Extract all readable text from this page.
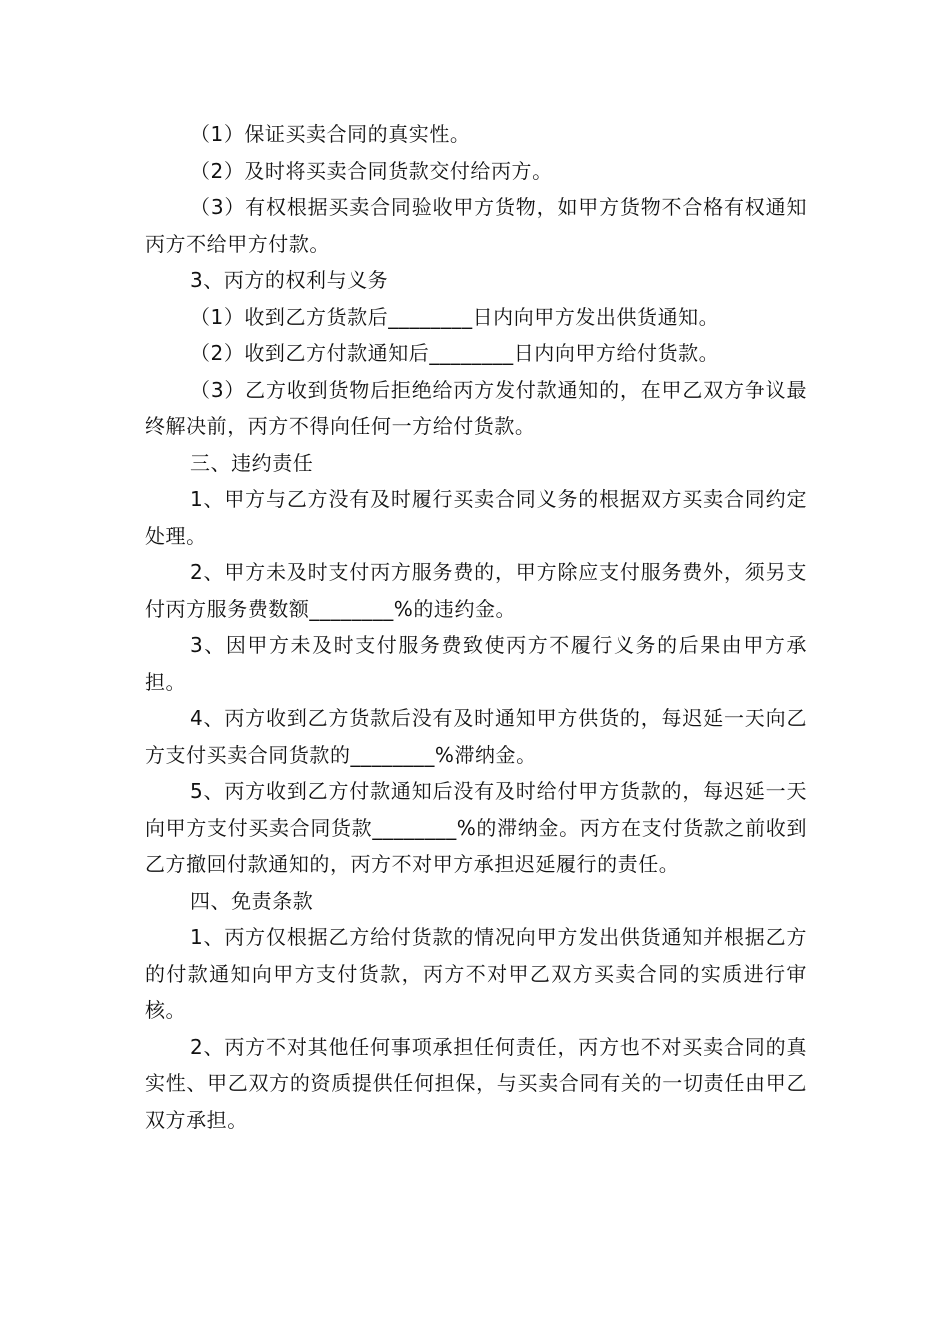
（1）保证买卖合同的真实性。

（2）及时将买卖合同货款交付给丙方。

（3）有权根据买卖合同验收甲方货物，如甲方货物不合格有权通知丙方不给甲方付款。

3、丙方的权利与义务

（1）收到乙方货款后________日内向甲方发出供货通知。

（2）收到乙方付款通知后________日内向甲方给付货款。

（3）乙方收到货物后拒绝给丙方发付款通知的，在甲乙双方争议最终解决前，丙方不得向任何一方给付货款。

三、违约责任

1、甲方与乙方没有及时履行买卖合同义务的根据双方买卖合同约定处理。

2、甲方未及时支付丙方服务费的，甲方除应支付服务费外，须另支付丙方服务费数额________%的违约金。

3、因甲方未及时支付服务费致使丙方不履行义务的后果由甲方承担。

4、丙方收到乙方货款后没有及时通知甲方供货的，每迟延一天向乙方支付买卖合同货款的________%滞纳金。

5、丙方收到乙方付款通知后没有及时给付甲方货款的，每迟延一天向甲方支付买卖合同货款________%的滞纳金。丙方在支付货款之前收到乙方撤回付款通知的，丙方不对甲方承担迟延履行的责任。

四、免责条款

1、丙方仅根据乙方给付货款的情况向甲方发出供货通知并根据乙方的付款通知向甲方支付货款，丙方不对甲乙双方买卖合同的实质进行审核。

2、丙方不对其他任何事项承担任何责任，丙方也不对买卖合同的真实性、甲乙双方的资质提供任何担保，与买卖合同有关的一切责任由甲乙双方承担。
